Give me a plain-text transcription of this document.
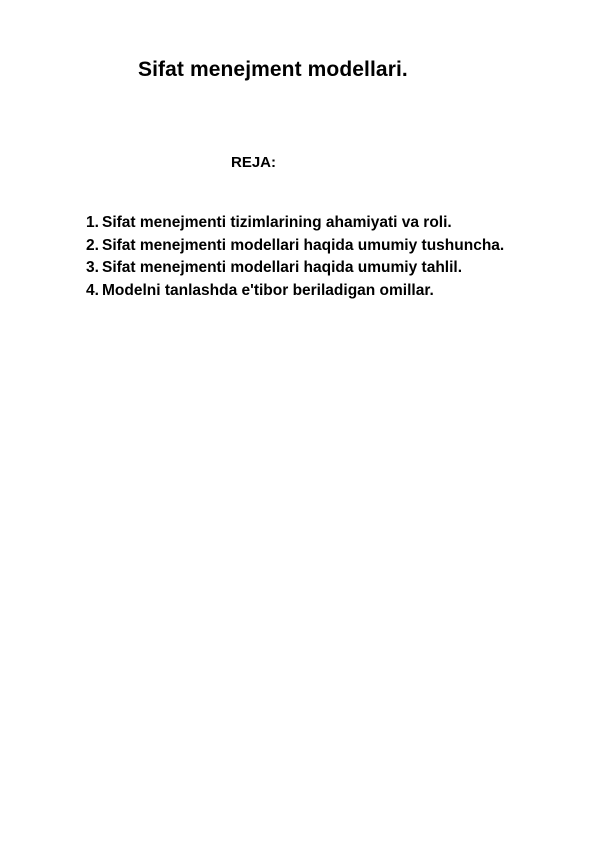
Sifat menejment modellari.
REJA:
1. Sifat menejmenti tizimlarining ahamiyati va roli.
2. Sifat menejmenti modellari haqida umumiy tushuncha.
3. Sifat menejmenti modellari haqida umumiy tahlil.
4. Modelni tanlashda e'tibor beriladigan omillar.
